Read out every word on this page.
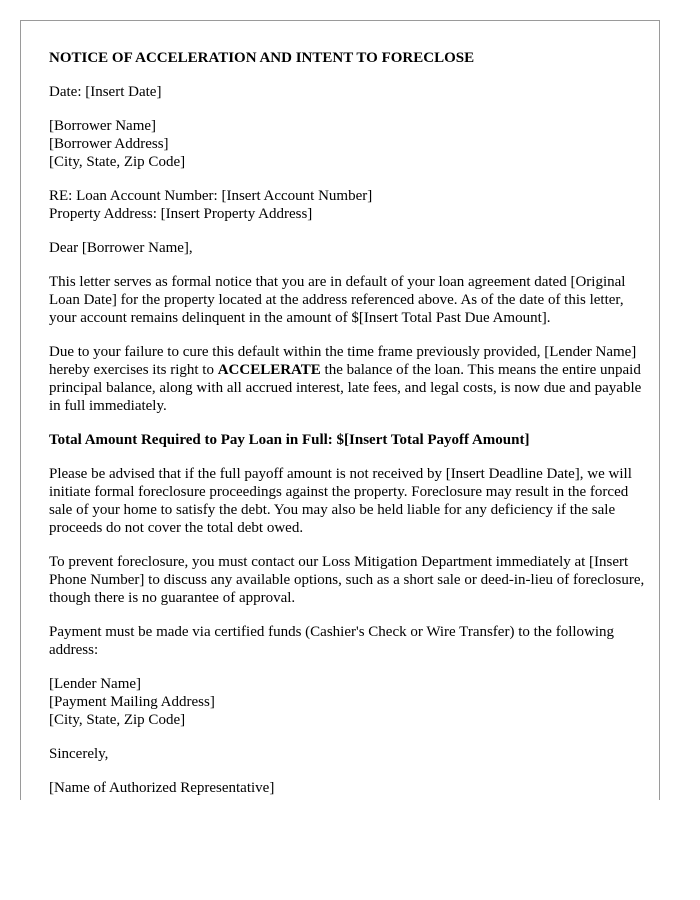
NOTICE OF ACCELERATION AND INTENT TO FORECLOSE

Date: [Insert Date]

[Borrower Name]
[Borrower Address]
[City, State, Zip Code]

RE: Loan Account Number: [Insert Account Number]
Property Address: [Insert Property Address]

Dear [Borrower Name],

This letter serves as formal notice that you are in default of your loan agreement dated [Original Loan Date] for the property located at the address referenced above. As of the date of this letter, your account remains delinquent in the amount of $[Insert Total Past Due Amount].

Due to your failure to cure this default within the time frame previously provided, [Lender Name] hereby exercises its right to ACCELERATE the balance of the loan. This means the entire unpaid principal balance, along with all accrued interest, late fees, and legal costs, is now due and payable in full immediately.

Total Amount Required to Pay Loan in Full: $[Insert Total Payoff Amount]

Please be advised that if the full payoff amount is not received by [Insert Deadline Date], we will initiate formal foreclosure proceedings against the property. Foreclosure may result in the forced sale of your home to satisfy the debt. You may also be held liable for any deficiency if the sale proceeds do not cover the total debt owed.

To prevent foreclosure, you must contact our Loss Mitigation Department immediately at [Insert Phone Number] to discuss any available options, such as a short sale or deed-in-lieu of foreclosure, though there is no guarantee of approval.

Payment must be made via certified funds (Cashier's Check or Wire Transfer) to the following address:

[Lender Name]
[Payment Mailing Address]
[City, State, Zip Code]

Sincerely,

[Name of Authorized Representative]
